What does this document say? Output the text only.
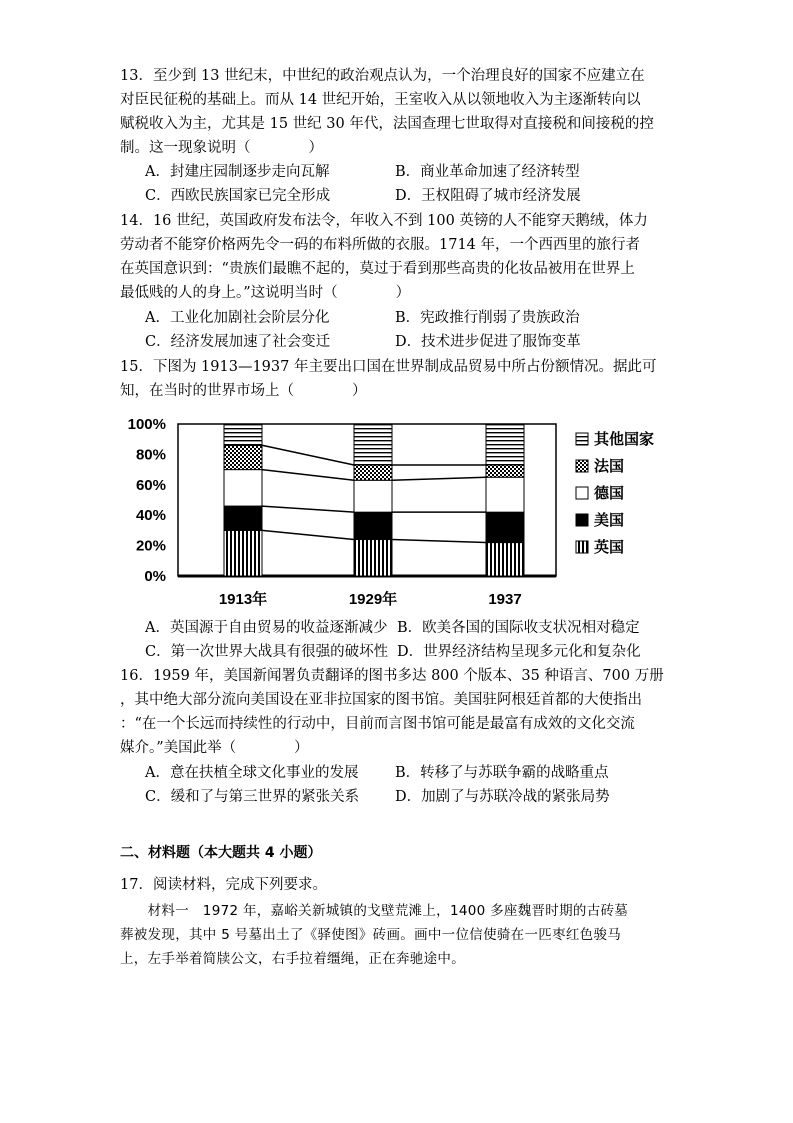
13．至少到 13 世纪末，中世纪的政治观点认为，一个治理良好的国家不应建立在
对臣民征税的基础上。而从 14 世纪开始，王室收入从以领地收入为主逐渐转向以
赋税收入为主，尤其是 15 世纪 30 年代，法国查理七世取得对直接税和间接税的控
制。这一现象说明（　　　　）
A．封建庄园制逐步走向瓦解	B．商业革命加速了经济转型
C．西欧民族国家已完全形成	D．王权阻碍了城市经济发展
14．16 世纪，英国政府发布法令，年收入不到 100 英镑的人不能穿天鹅绒，体力
劳动者不能穿价格两先令一码的布料所做的衣服。1714 年，一个西西里的旅行者
在英国意识到：“贵族们最瞧不起的，莫过于看到那些高贵的化妆品被用在世界上
最低贱的人的身上。”这说明当时（　　　　）
A．工业化加剧社会阶层分化	B．宪政推行削弱了贵族政治
C．经济发展加速了社会变迁	D．技术进步促进了服饰变革
15．下图为 1913—1937 年主要出口国在世界制成品贸易中所占份额情况。据此可
知，在当时的世界市场上（　　　　）
100%
80%
60%
40%
20%
0%
1913年	1929年	1937
其他国家
法国
德国
美国
英国
A．英国源于自由贸易的收益逐渐减少 B．欧美各国的国际收支状况相对稳定
C．第一次世界大战具有很强的破坏性 D．世界经济结构呈现多元化和复杂化
16．1959 年，美国新闻署负责翻译的图书多达 800 个版本、35 种语言、700 万册
，其中绝大部分流向美国设在亚非拉国家的图书馆。美国驻阿根廷首都的大使指出
：“在一个长远而持续性的行动中，目前而言图书馆可能是最富有成效的文化交流
媒介。”美国此举（　　　　）
A．意在扶植全球文化事业的发展	B．转移了与苏联争霸的战略重点
C．缓和了与第三世界的紧张关系 D．加剧了与苏联冷战的紧张局势
二、材料题（本大题共 4 小题）
17．阅读材料，完成下列要求。
　　材料一　1972 年，嘉峪关新城镇的戈壁荒滩上，1400 多座魏晋时期的古砖墓
葬被发现，其中 5 号墓出土了《驿使图》砖画。画中一位信使骑在一匹枣红色骏马
上，左手举着简牍公文，右手拉着缰绳，正在奔驰途中。
